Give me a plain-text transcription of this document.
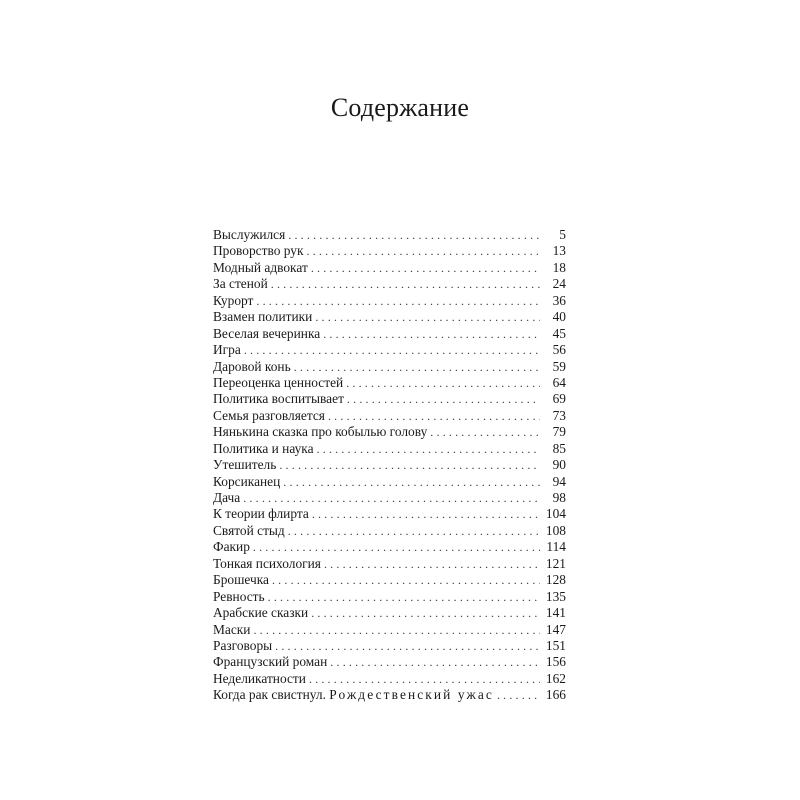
Содержание
Выслужился . . .	5
Проворство рук . . .	13
Модный адвокат . . .	18
За стеной . . .	24
Курорт . . .	36
Взамен политики . . .	40
Веселая вечеринка . . .	45
Игра . . .	56
Даровой конь . . .	59
Переоценка ценностей . . .	64
Политика воспитывает . . .	69
Семья разговляется . . .	73
Нянькина сказка про кобылью голову . . .	79
Политика и наука . . .	85
Утешитель . . .	90
Корсиканец . . .	94
Дача . . .	98
К теории флирта . . .	104
Святой стыд . . .	108
Факир . . .	114
Тонкая психология . . .	121
Брошечка . . .	128
Ревность . . .	135
Арабские сказки . . .	141
Маски . . .	147
Разговоры . . .	151
Французский роман . . .	156
Неделикатности . . .	162
Когда рак свистнул. Рождественский ужас . . .	166
